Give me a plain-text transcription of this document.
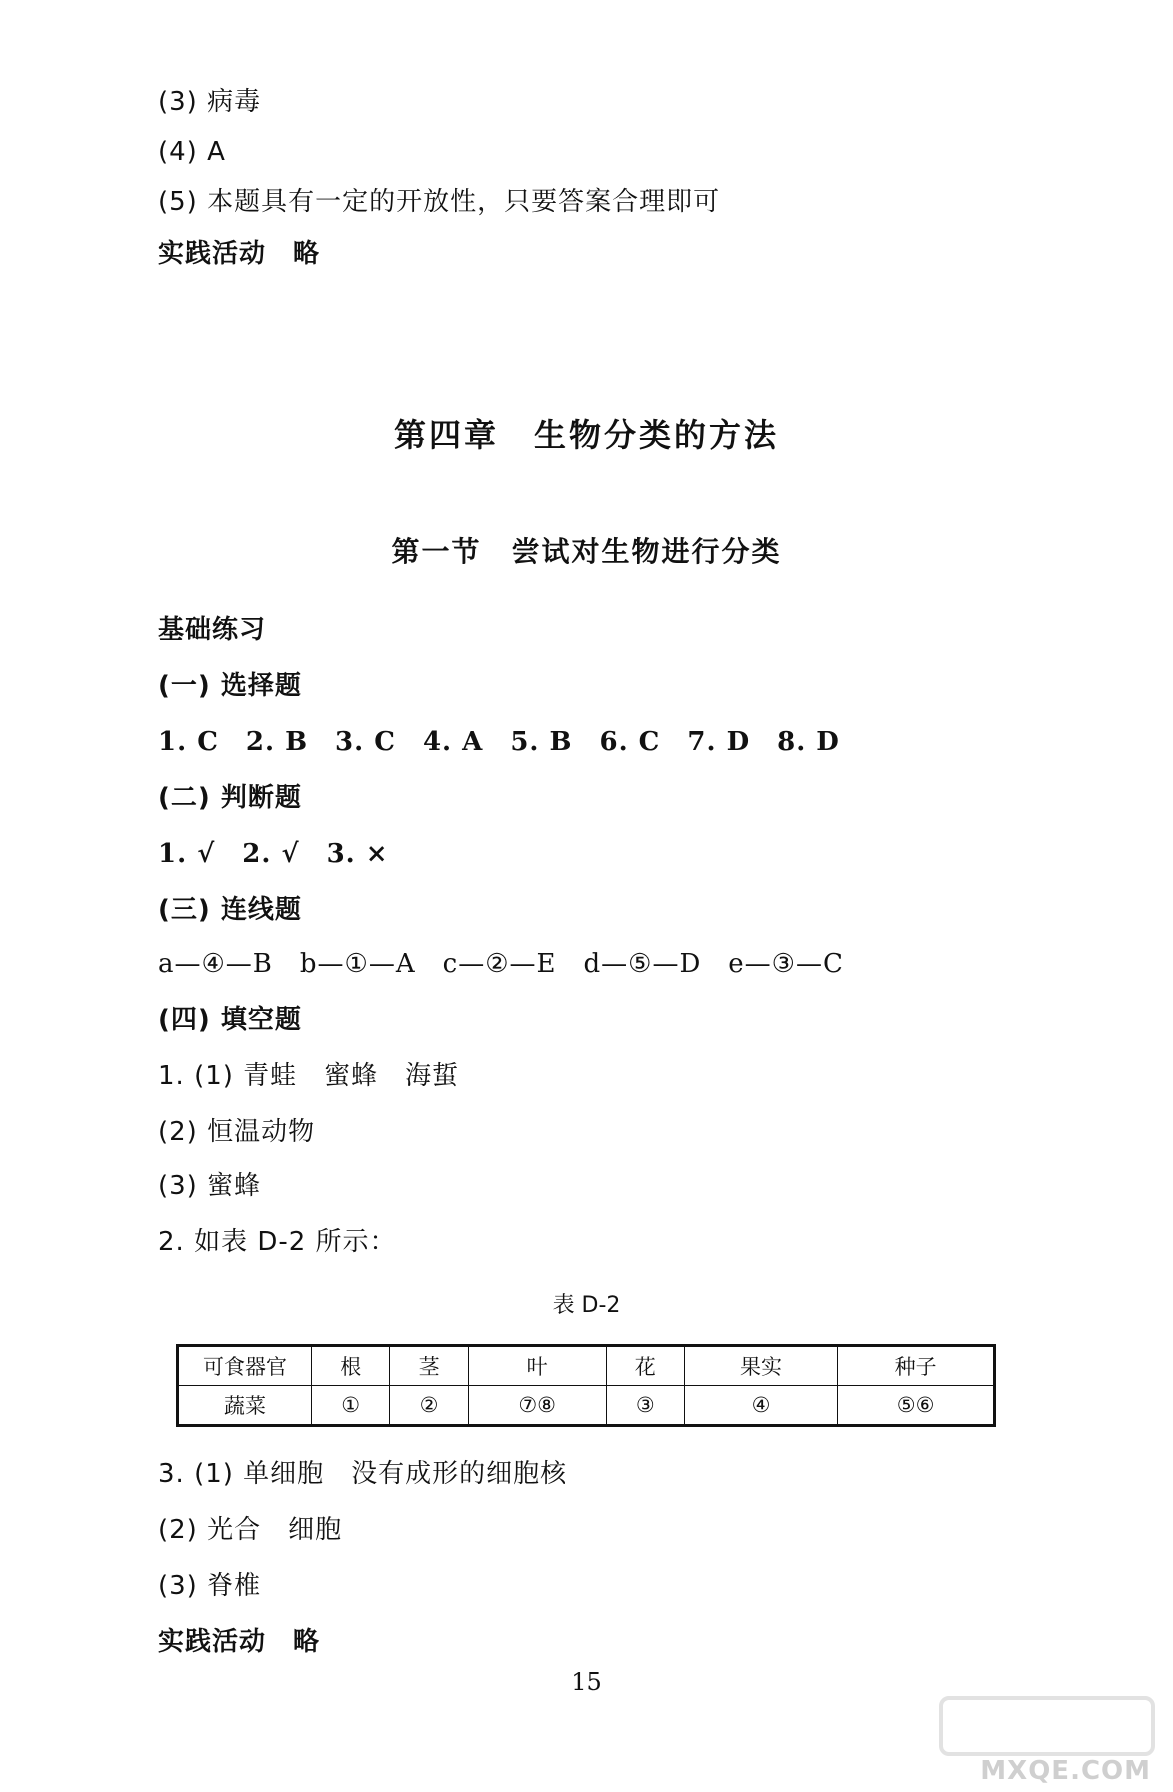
(3) 病毒
(4) A
(5) 本题具有一定的开放性，只要答案合理即可
实践活动　略
第四章　生物分类的方法
第一节　尝试对生物进行分类
基础练习
(一) 选择题
1. C　2. B　3. C　4. A　5. B　6. C　7. D　8. D
(二) 判断题
1. √　2. √　3. ×
(三) 连线题
a—④—B　b—①—A　c—②—E　d—⑤—D　e—③—C
(四) 填空题
1. (1) 青蛙　蜜蜂　海蜇
(2) 恒温动物
(3) 蜜蜂
2. 如表 D-2 所示：
表 D-2
可食器官	根	茎	叶	花	果实	种子
蔬菜	①	②	⑦⑧	③	④	⑤⑥
3. (1) 单细胞　没有成形的细胞核
(2) 光合　细胞
(3) 脊椎
实践活动　略
15
MXQE.COM
